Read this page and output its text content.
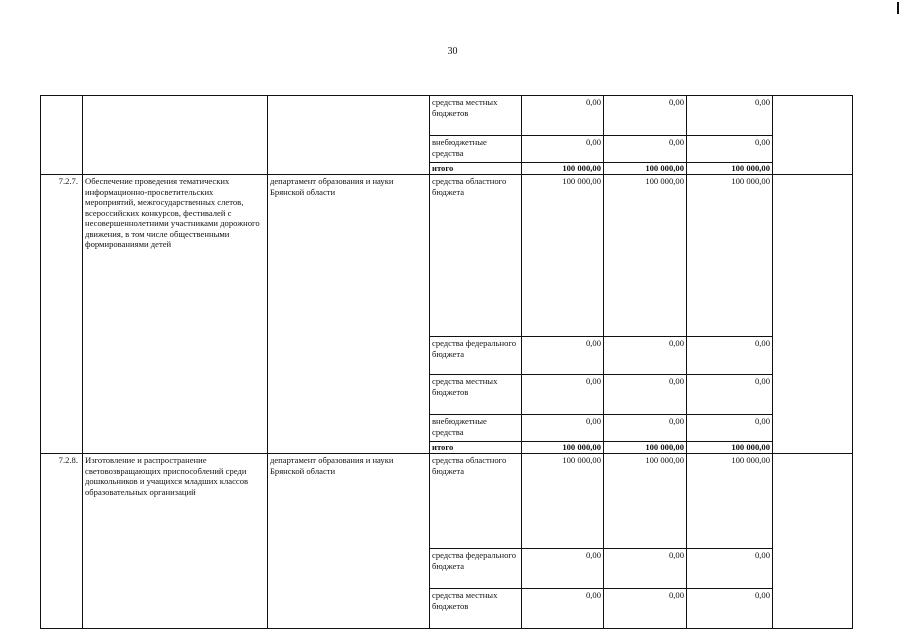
30
			средства местных бюджетов	0,00	0,00	0,00	
			внебюджетные средства	0,00	0,00	0,00	
			итого	100 000,00	100 000,00	100 000,00	
7.2.7.	Обеспечение проведения тематических информационно-просветительских мероприятий, межгосударственных слетов, всероссийских конкурсов, фестивалей с несовершеннолетними участниками дорожного движения, в том числе общественными формированиями детей	департамент образования и науки Брянской области	средства областного бюджета	100 000,00	100 000,00	100 000,00	
			средства федерального бюджета	0,00	0,00	0,00	
			средства местных бюджетов	0,00	0,00	0,00	
			внебюджетные средства	0,00	0,00	0,00	
			итого	100 000,00	100 000,00	100 000,00	
7.2.8.	Изготовление и распространение световозвращающих приспособлений среди дошкольников и учащихся младших классов образовательных организаций	департамент образования и науки Брянской области	средства областного бюджета	100 000,00	100 000,00	100 000,00	
			средства федерального бюджета	0,00	0,00	0,00	
			средства местных бюджетов	0,00	0,00	0,00	
